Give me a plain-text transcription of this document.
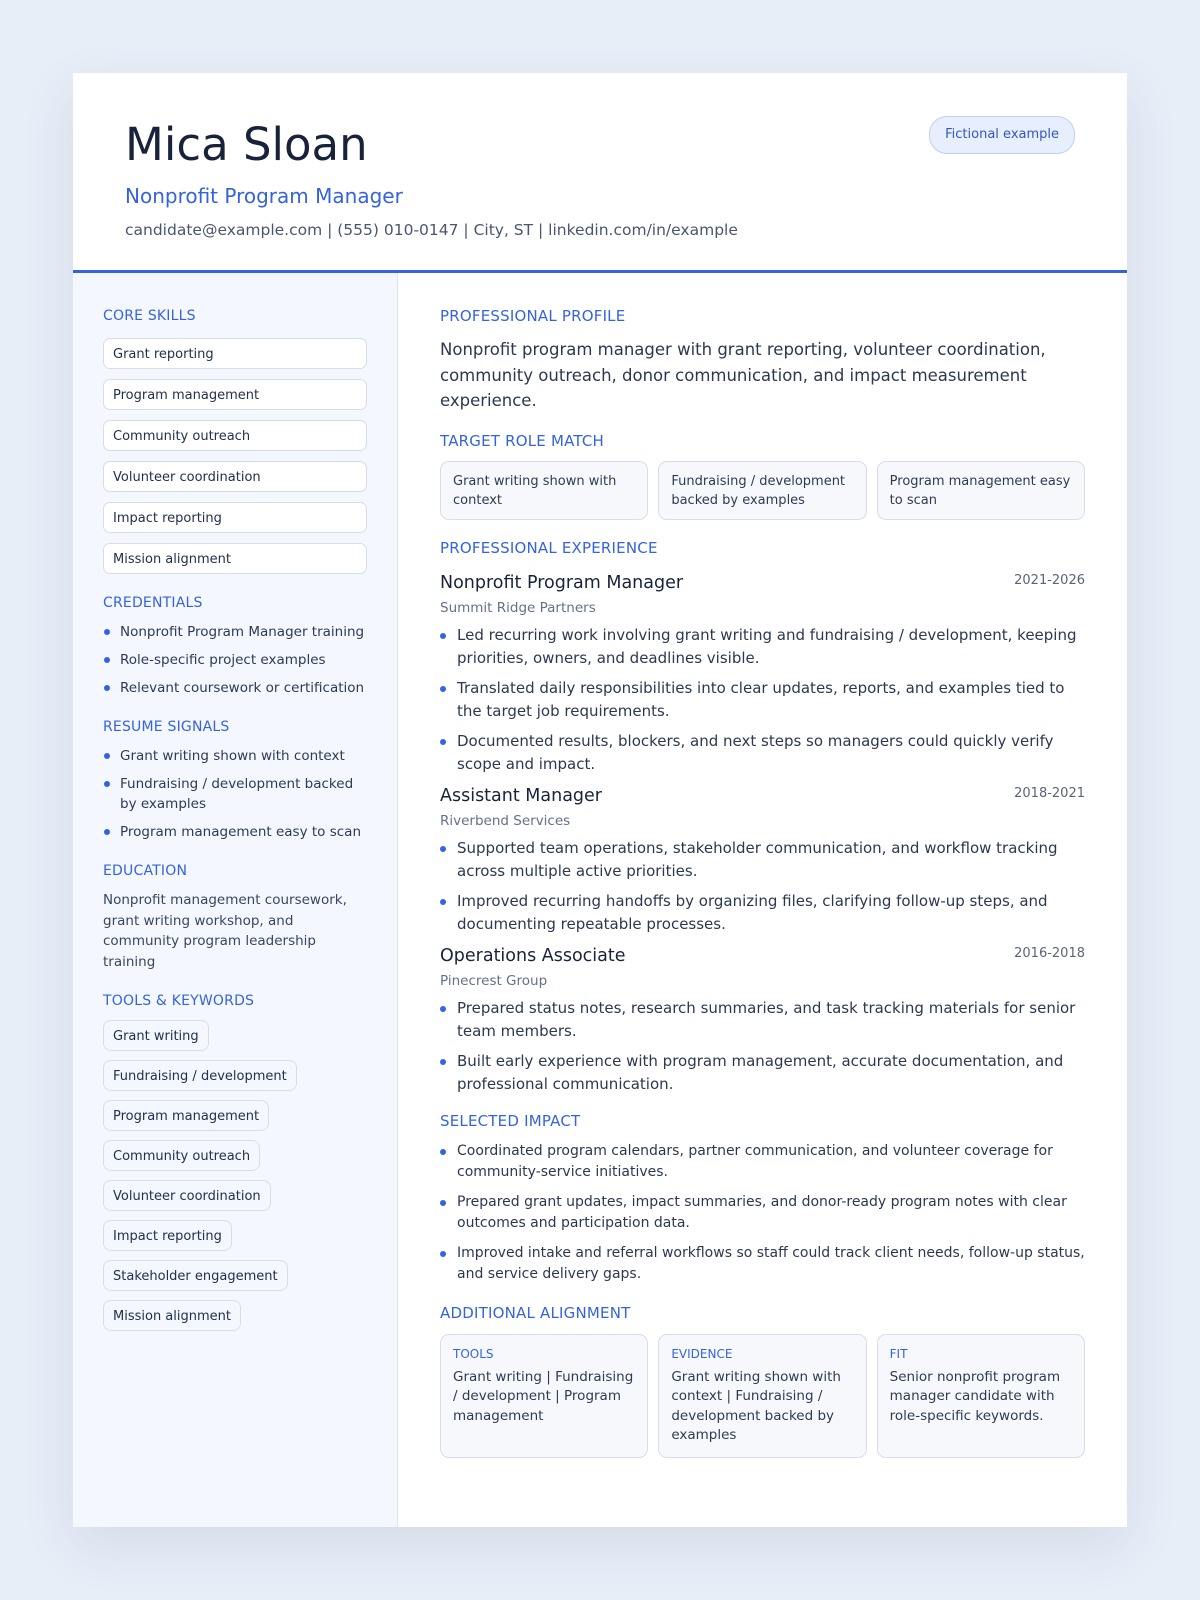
Mica Sloan
Nonprofit Program Manager
candidate@example.com | (555) 010-0147 | City, ST | linkedin.com/in/example
Fictional example
CORE SKILLS
Grant reporting
Program management
Community outreach
Volunteer coordination
Impact reporting
Mission alignment
CREDENTIALS
Nonprofit Program Manager training
Role-specific project examples
Relevant coursework or certification
RESUME SIGNALS
Grant writing shown with context
Fundraising / development backed by examples
Program management easy to scan
EDUCATION
Nonprofit management coursework, grant writing workshop, and community program leadership training
TOOLS & KEYWORDS
Grant writing
Fundraising / development
Program management
Community outreach
Volunteer coordination
Impact reporting
Stakeholder engagement
Mission alignment
PROFESSIONAL PROFILE
Nonprofit program manager with grant reporting, volunteer coordination, community outreach, donor communication, and impact measurement experience.
TARGET ROLE MATCH
Grant writing shown with context
Fundraising / development backed by examples
Program management easy to scan
PROFESSIONAL EXPERIENCE
Nonprofit Program Manager	2021-2026
Summit Ridge Partners
Led recurring work involving grant writing and fundraising / development, keeping priorities, owners, and deadlines visible.
Translated daily responsibilities into clear updates, reports, and examples tied to the target job requirements.
Documented results, blockers, and next steps so managers could quickly verify scope and impact.
Assistant Manager	2018-2021
Riverbend Services
Supported team operations, stakeholder communication, and workflow tracking across multiple active priorities.
Improved recurring handoffs by organizing files, clarifying follow-up steps, and documenting repeatable processes.
Operations Associate	2016-2018
Pinecrest Group
Prepared status notes, research summaries, and task tracking materials for senior team members.
Built early experience with program management, accurate documentation, and professional communication.
SELECTED IMPACT
Coordinated program calendars, partner communication, and volunteer coverage for community-service initiatives.
Prepared grant updates, impact summaries, and donor-ready program notes with clear outcomes and participation data.
Improved intake and referral workflows so staff could track client needs, follow-up status, and service delivery gaps.
ADDITIONAL ALIGNMENT
TOOLS
Grant writing | Fundraising / development | Program management
EVIDENCE
Grant writing shown with context | Fundraising / development backed by examples
FIT
Senior nonprofit program manager candidate with role-specific keywords.
